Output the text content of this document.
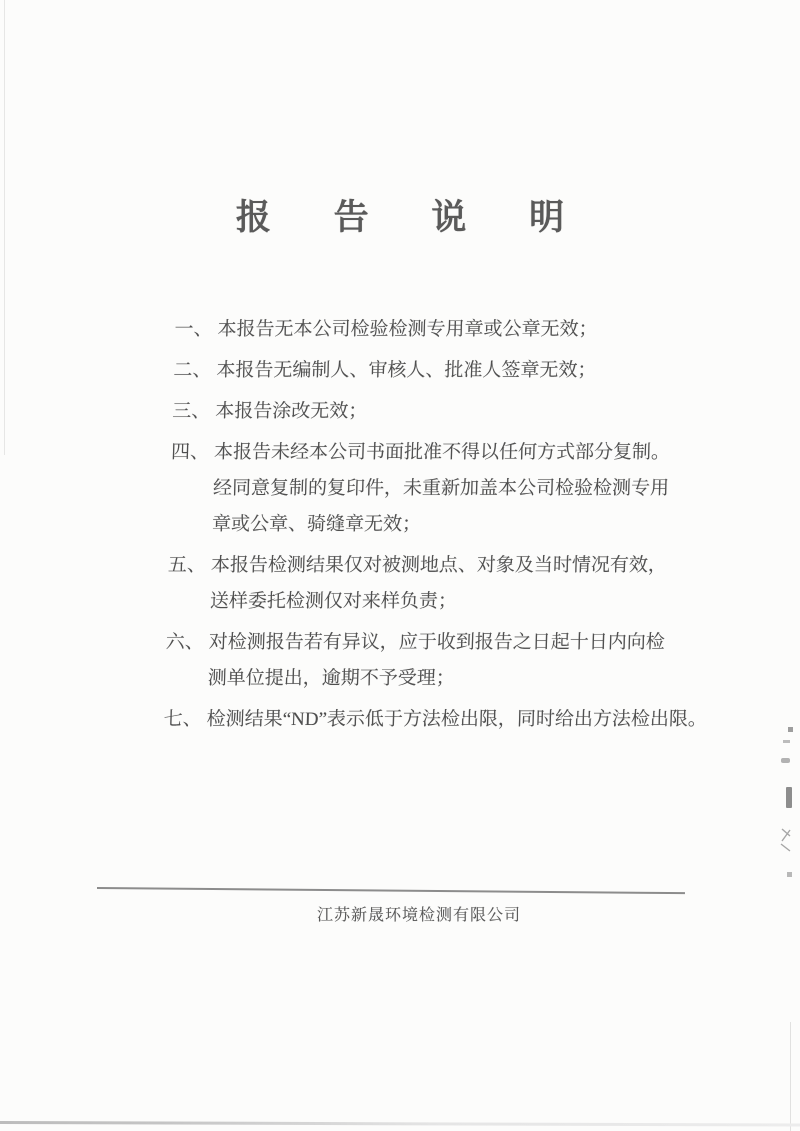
报 告 说 明
一、 本报告无本公司检验检测专用章或公章无效；
二、 本报告无编制人、审核人、批准人签章无效；
三、 本报告涂改无效；
四、 本报告未经本公司书面批准不得以任何方式部分复制。经同意复制的复印件，未重新加盖本公司检验检测专用章或公章、骑缝章无效；
五、 本报告检测结果仅对被测地点、对象及当时情况有效，送样委托检测仅对来样负责；
六、 对检测报告若有异议，应于收到报告之日起十日内向检测单位提出，逾期不予受理；
七、 检测结果“ND”表示低于方法检出限，同时给出方法检出限。
江苏新晟环境检测有限公司
